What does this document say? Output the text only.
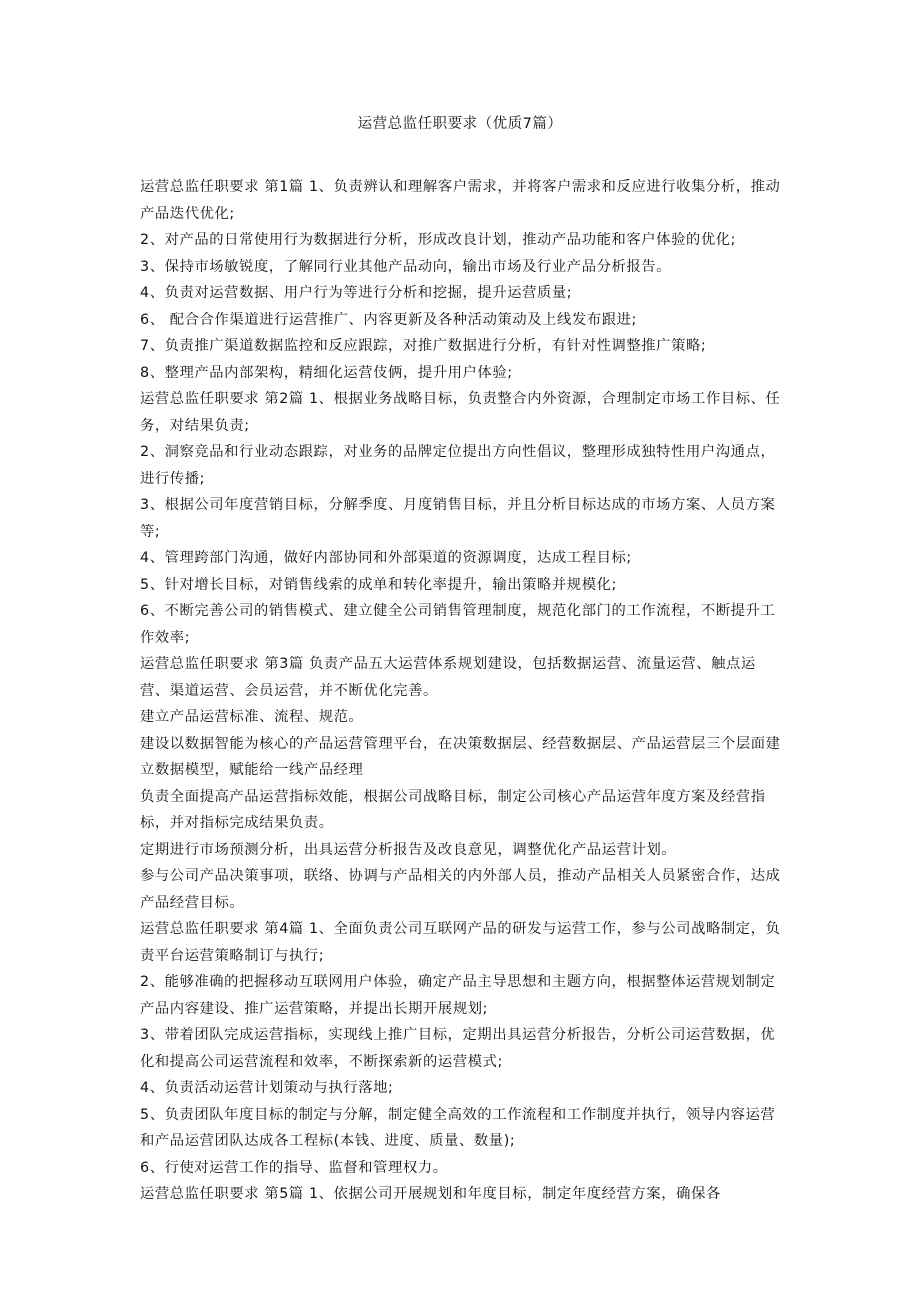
运营总监任职要求（优质7篇）

运营总监任职要求 第1篇 1、负责辨认和理解客户需求，并将客户需求和反应进行收集分析，推动产品迭代优化;

2、对产品的日常使用行为数据进行分析，形成改良计划，推动产品功能和客户体验的优化;

3、保持市场敏锐度，了解同行业其他产品动向，输出市场及行业产品分析报告。

4、负责对运营数据、用户行为等进行分析和挖掘，提升运营质量;

6、 配合合作渠道进行运营推广、内容更新及各种活动策动及上线发布跟进;

7、负责推广渠道数据监控和反应跟踪，对推广数据进行分析，有针对性调整推广策略;

8、整理产品内部架构，精细化运营伎俩，提升用户体验;

运营总监任职要求 第2篇 1、根据业务战略目标，负责整合内外资源，合理制定市场工作目标、任务，对结果负责;

2、洞察竞品和行业动态跟踪，对业务的品牌定位提出方向性倡议，整理形成独特性用户沟通点，进行传播;

3、根据公司年度营销目标，分解季度、月度销售目标，并且分析目标达成的市场方案、人员方案等;

4、管理跨部门沟通，做好内部协同和外部渠道的资源调度，达成工程目标;

5、针对增长目标，对销售线索的成单和转化率提升，输出策略并规模化;

6、不断完善公司的销售模式、建立健全公司销售管理制度，规范化部门的工作流程，不断提升工作效率;

运营总监任职要求 第3篇 负责产品五大运营体系规划建设，包括数据运营、流量运营、触点运营、渠道运营、会员运营，并不断优化完善。

建立产品运营标准、流程、规范。

建设以数据智能为核心的产品运营管理平台，在决策数据层、经营数据层、产品运营层三个层面建立数据模型，赋能给一线产品经理

负责全面提高产品运营指标效能，根据公司战略目标，制定公司核心产品运营年度方案及经营指标，并对指标完成结果负责。

定期进行市场预测分析，出具运营分析报告及改良意见，调整优化产品运营计划。

参与公司产品决策事项，联络、协调与产品相关的内外部人员，推动产品相关人员紧密合作，达成产品经营目标。

运营总监任职要求 第4篇 1、全面负责公司互联网产品的研发与运营工作，参与公司战略制定，负责平台运营策略制订与执行;

2、能够准确的把握移动互联网用户体验，确定产品主导思想和主题方向，根据整体运营规划制定产品内容建设、推广运营策略，并提出长期开展规划;

3、带着团队完成运营指标，实现线上推广目标，定期出具运营分析报告，分析公司运营数据，优化和提高公司运营流程和效率，不断探索新的运营模式;

4、负责活动运营计划策动与执行落地;

5、负责团队年度目标的制定与分解，制定健全高效的工作流程和工作制度并执行，领导内容运营和产品运营团队达成各工程标(本钱、进度、质量、数量);

6、行使对运营工作的指导、监督和管理权力。

运营总监任职要求 第5篇 1、依据公司开展规划和年度目标，制定年度经营方案，确保各
